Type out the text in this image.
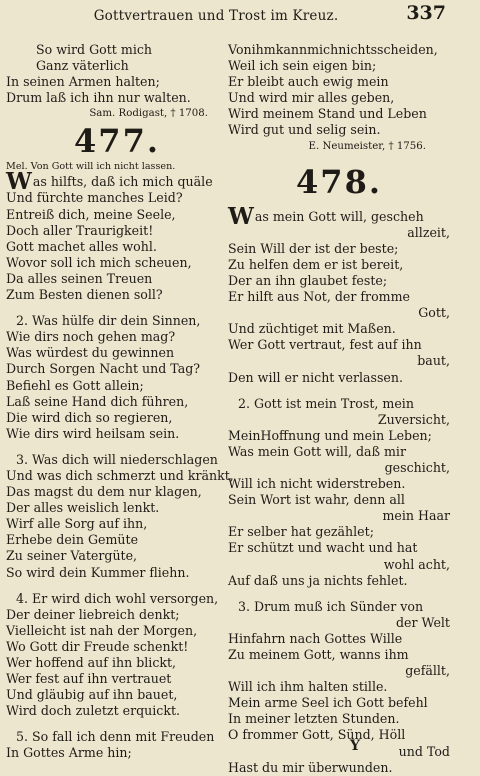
Gottvertrauen und Trost im Kreuz.	337
So wird Gott mich
Ganz väterlich
In seinen Armen halten;
Drum laß ich ihn nur walten.
Sam. Rodigast, † 1708.
477.
Mel. Von Gott will ich nicht lassen.
Was hilfts, daß ich mich quäle
Und fürchte manches Leid?
Entreiß dich, meine Seele,
Doch aller Traurigkeit!
Gott machet alles wohl.
Wovor soll ich mich scheuen,
Da alles seinen Treuen
Zum Besten dienen soll?
2. Was hülfe dir dein Sinnen,
Wie dirs noch gehen mag?
Was würdest du gewinnen
Durch Sorgen Nacht und Tag?
Befiehl es Gott allein;
Laß seine Hand dich führen,
Die wird dich so regieren,
Wie dirs wird heilsam sein.
3. Was dich will niederschlagen
Und was dich schmerzt und kränkt,
Das magst du dem nur klagen,
Der alles weislich lenkt.
Wirf alle Sorg auf ihn,
Erhebe dein Gemüte
Zu seiner Vatergüte,
So wird dein Kummer fliehn.
4. Er wird dich wohl versorgen,
Der deiner liebreich denkt;
Vielleicht ist nah der Morgen,
Wo Gott dir Freude schenkt!
Wer hoffend auf ihn blickt,
Wer fest auf ihn vertrauet
Und gläubig auf ihn bauet,
Wird doch zuletzt erquickt.
5. So fall ich denn mit Freuden
In Gottes Arme hin;
Vonihmkannmichnichtsscheiden,
Weil ich sein eigen bin;
Er bleibt auch ewig mein
Und wird mir alles geben,
Wird meinem Stand und Leben
Wird gut und selig sein.
E. Neumeister, † 1756.
478.
Was mein Gott will, gescheh
allzeit,
Sein Will der ist der beste;
Zu helfen dem er ist bereit,
Der an ihn glaubet feste;
Er hilft aus Not, der fromme
Gott,
Und züchtiget mit Maßen.
Wer Gott vertraut, fest auf ihn
baut,
Den will er nicht verlassen.
2. Gott ist mein Trost, mein
Zuversicht,
MeinHoffnung und mein Leben;
Was mein Gott will, daß mir
geschicht,
Will ich nicht widerstreben.
Sein Wort ist wahr, denn all
mein Haar
Er selber hat gezählet;
Er schützt und wacht und hat
wohl acht,
Auf daß uns ja nichts fehlet.
3. Drum muß ich Sünder von
der Welt
Hinfahrn nach Gottes Wille
Zu meinem Gott, wanns ihm
gefällt,
Will ich ihm halten stille.
Mein arme Seel ich Gott befehl
In meiner letzten Stunden.
O frommer Gott, Sünd, Höll
und Tod
Hast du mir überwunden.
Y
